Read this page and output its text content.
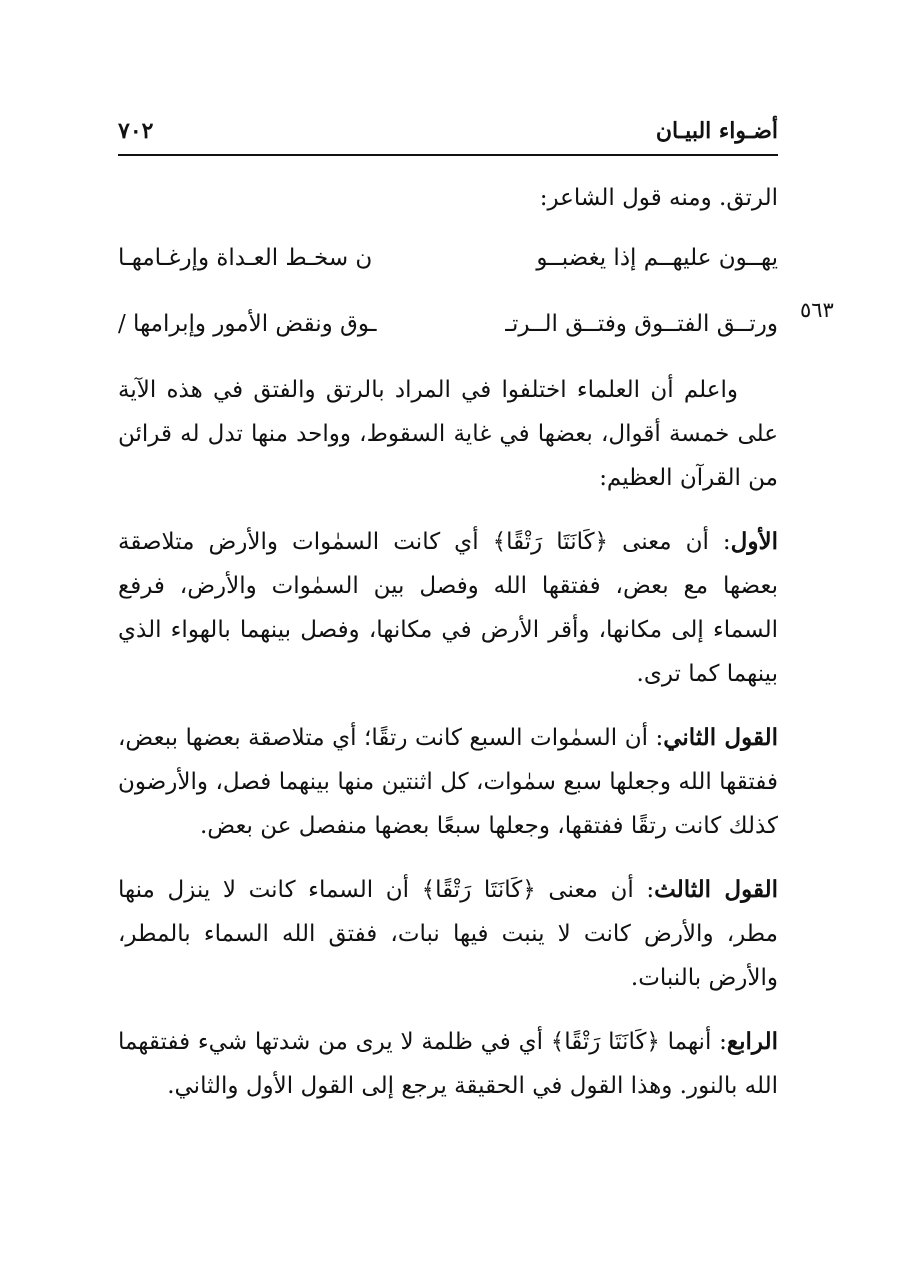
أضـواء البيـان
٧٠٢
٥٦٣
الرتق. ومنه قول الشاعر:
يهــون عليهــم إذا يغضبــو
ن سخـط العـداة وإرغـامهـا
ورتــق الفتــوق وفتــق الــرتـ
ـوق ونقض الأمور وإبرامها /

واعلم أن العلماء اختلفوا في المراد بالرتق والفتق في هذه الآية على خمسة أقوال، بعضها في غاية السقوط، وواحد منها تدل له قرائن من القرآن العظيم:

الأول: أن معنى ﴿كَانَتَا رَتْقًا﴾ أي كانت السمٰوات والأرض متلاصقة بعضها مع بعض، ففتقها الله وفصل بين السمٰوات والأرض، فرفع السماء إلى مكانها، وأقر الأرض في مكانها، وفصل بينهما بالهواء الذي بينهما كما ترى.

القول الثاني: أن السمٰوات السبع كانت رتقًا؛ أي متلاصقة بعضها ببعض، ففتقها الله وجعلها سبع سمٰوات، كل اثنتين منها بينهما فصل، والأرضون كذلك كانت رتقًا ففتقها، وجعلها سبعًا بعضها منفصل عن بعض.

القول الثالث: أن معنى ﴿كَانَتَا رَتْقًا﴾ أن السماء كانت لا ينزل منها مطر، والأرض كانت لا ينبت فيها نبات، ففتق الله السماء بالمطر، والأرض بالنبات.

الرابع: أنهما ﴿كَانَتَا رَتْقًا﴾ أي في ظلمة لا يرى من شدتها شيء ففتقهما الله بالنور. وهذا القول في الحقيقة يرجع إلى القول الأول والثاني.
